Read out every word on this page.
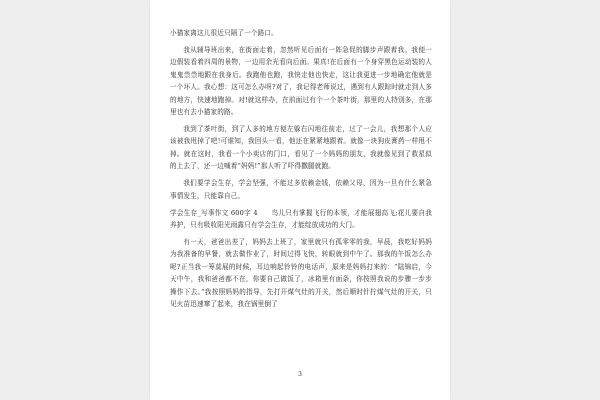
小猫家离这儿很近只隔了一个路口。

我从辅导班出来，在街面走着，忽然听见后面有一阵急促的脚步声跟着我。我便一边假装看着四周的景物，一边用余光看向后面。果真!在后面有一个身穿黑色运动装的人鬼鬼祟祟地跟在我身后。我跑他也跑，我快走他也快走，这让我更进一步地确定他就是一个坏人。我心想：这可怎么办呀?对了，我记得老师说过，遇到有人跟踪时就走到人多的地方，快速地跑掉。对!就这样办，在前面过有个一个茶叶街，那里的人特别多，在那里也有去小猫家的路。

我到了茶叶街，到了人多的地方便左躲右闪地往前走，过了一会儿，我想那个人应该被我甩掉了吧!可谁知，我回头一看，他还在紧紧地跟着。就像一块狗皮膏药一样甩不掉。就在这时，我看一个小卖店的门口，看见了一个妈妈的朋友，我就像见到了救星似的上去了，还一边喊着“妈妈!”那人听了吓得撒腿就跑。

我们要学会生存，学会坚强，不能过多依赖金钱，依赖父母，因为一旦有什么紧急事情发生，只能靠自己。

学会生存_写事作文 600字 4　　鸟儿只有掌握飞行的本领，才能展翅高飞;花儿要自我养护，只有吸收阳光雨露只有学会生存，才能绽放成功的大门。

有一天，爸爸出差了，妈妈去上班了，家里就只有孤零零的我，早晨，我吃好妈妈为我准备的早餐，就去做作业了，时间过得飞快，转眼就到中午了。那我的午饭怎么办呢?正当我一筹莫展的时候，耳边响起铃铃的电话声，原来是妈妈打来的：“陆锦启，今天中午，我和爸爸都不在，你要自己做饭了，冰箱里有面条，你按照我说的步骤一步步操作下去。”我按照妈妈的指导，先打开煤气灶的开关，然后顺时针拧煤气灶的开关，只见火苗迅速窜了起来，我在锅里倒了

3
